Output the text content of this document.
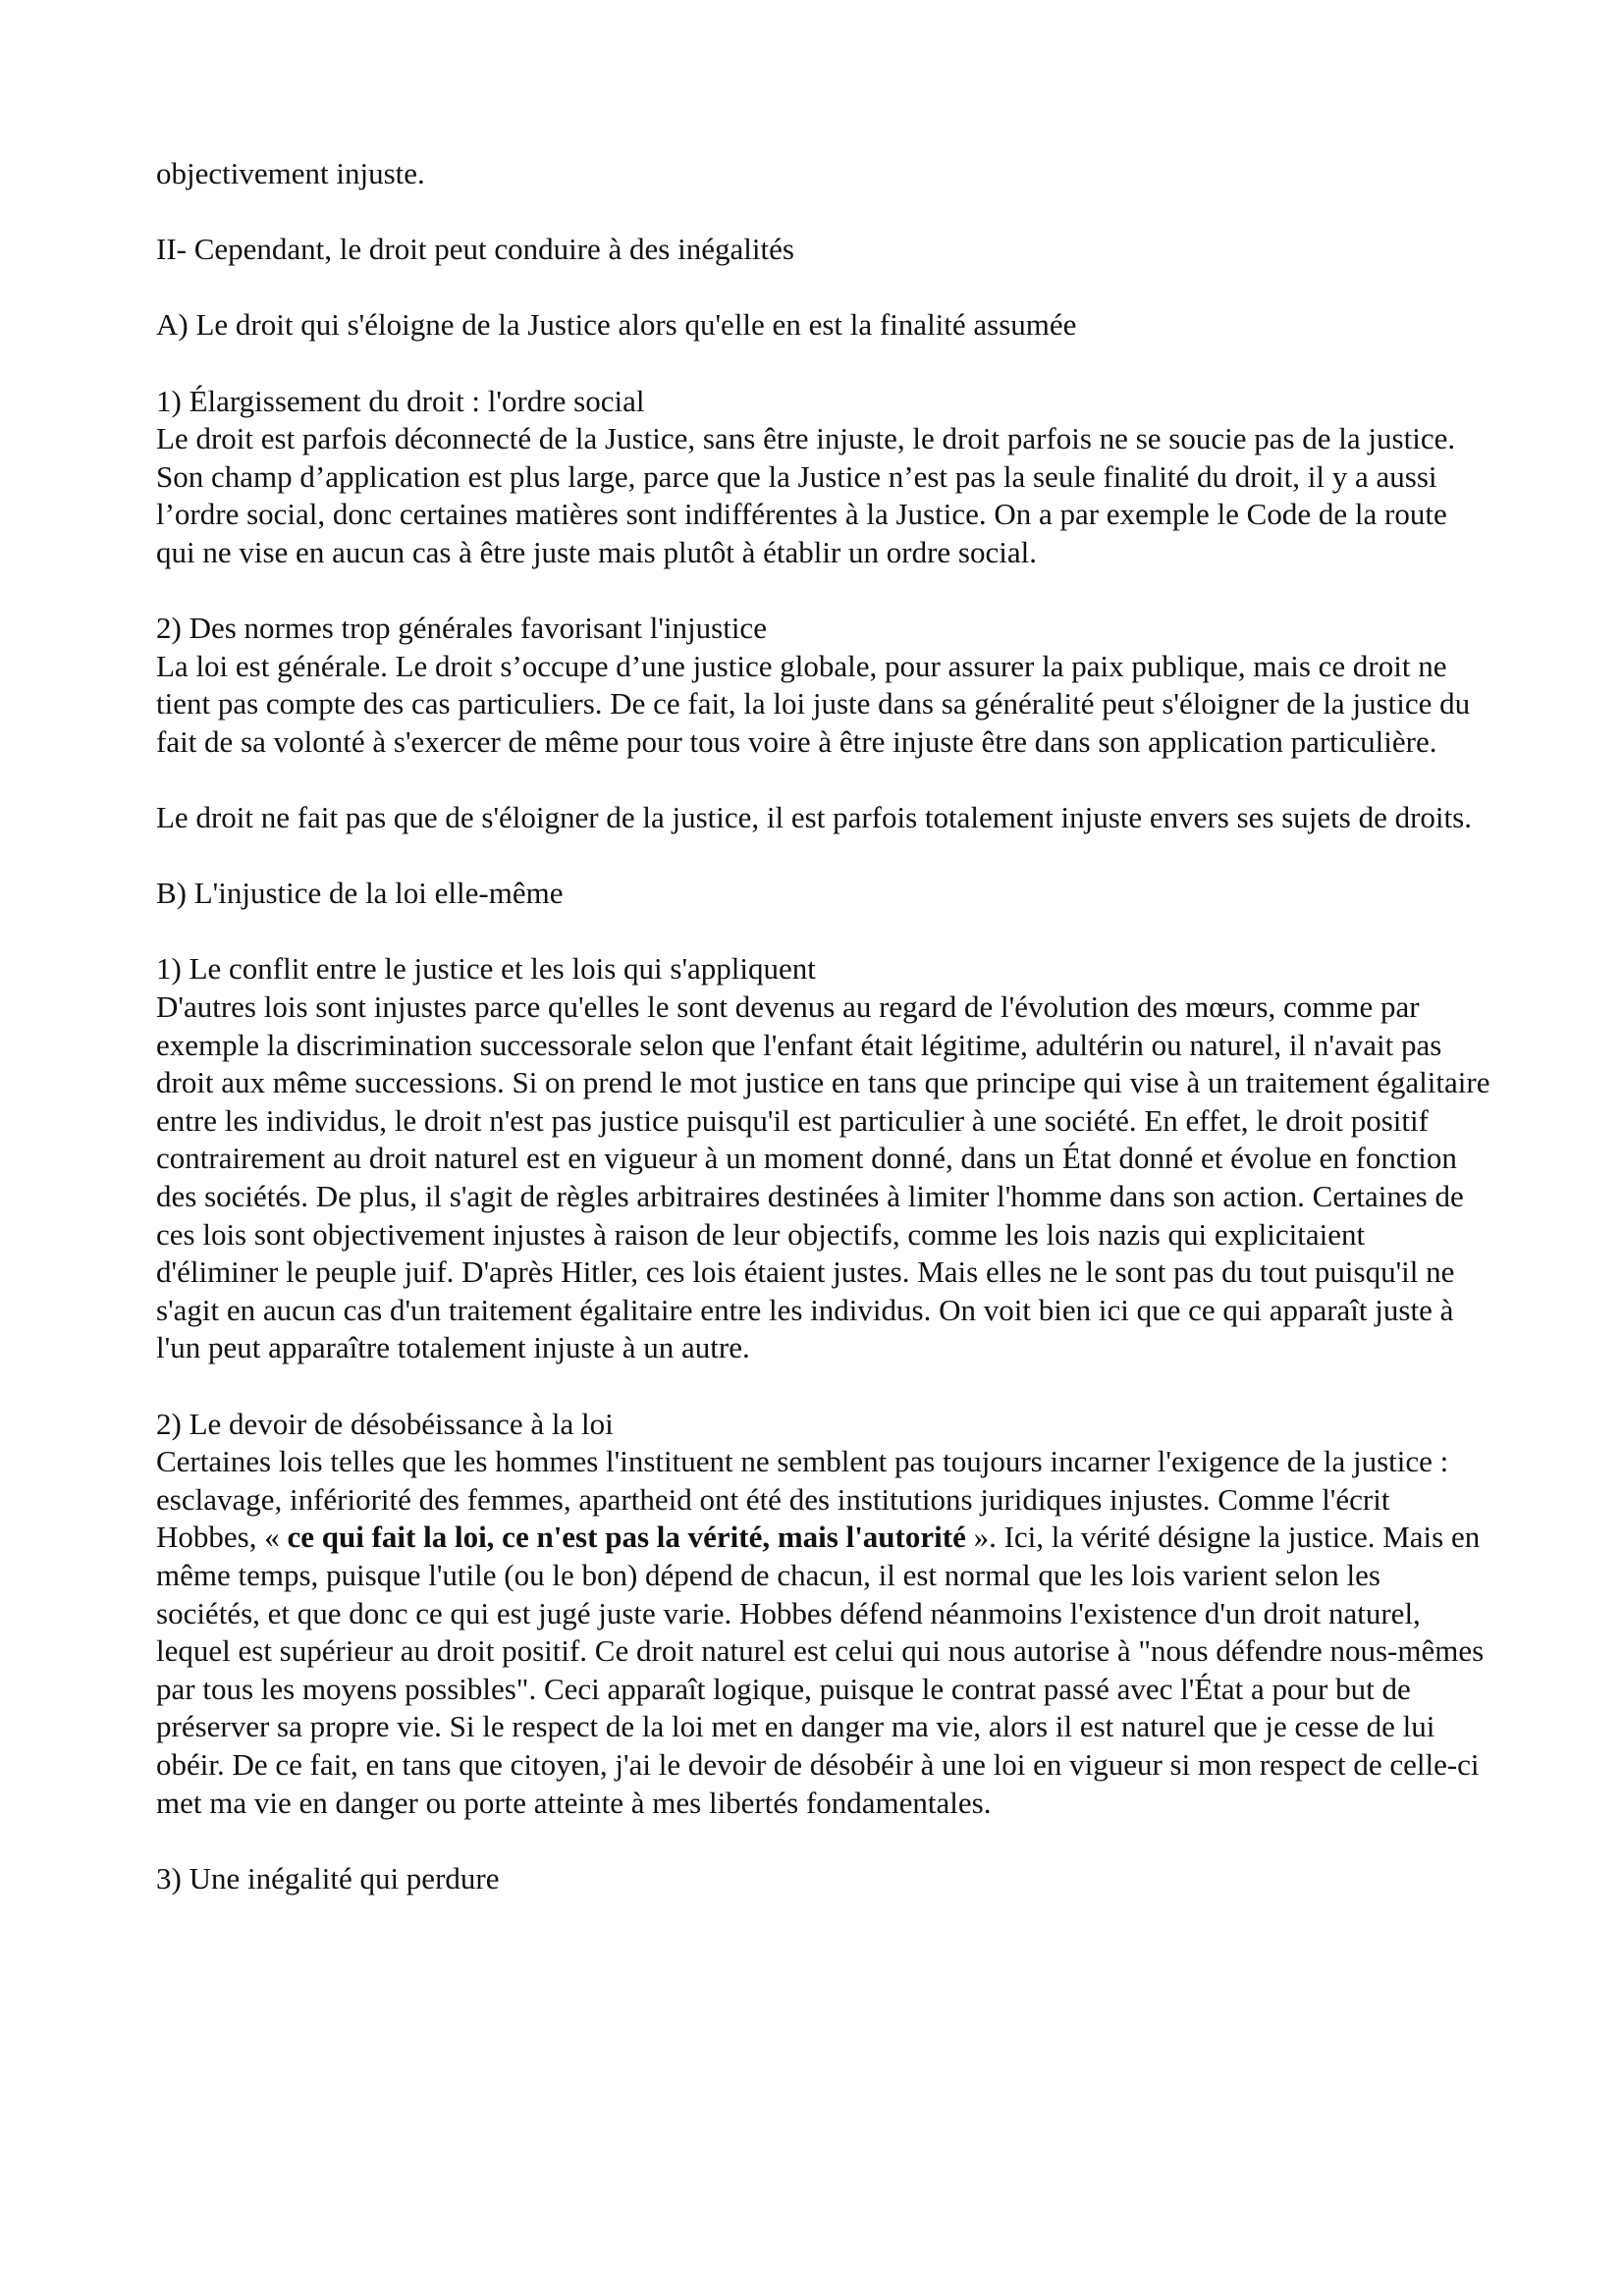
objectivement injuste.

II- Cependant, le droit peut conduire à des inégalités

A) Le droit qui s'éloigne de la Justice alors qu'elle en est la finalité assumée

1) Élargissement du droit : l'ordre social

Le droit est parfois déconnecté de la Justice, sans être injuste, le droit parfois ne se soucie pas de la justice. Son champ d’application est plus large, parce que la Justice n’est pas la seule finalité du droit, il y a aussi l’ordre social, donc certaines matières sont indifférentes à la Justice. On a par exemple le Code de la route qui ne vise en aucun cas à être juste mais plutôt à établir un ordre social.

2) Des normes trop générales favorisant l'injustice

La loi est générale. Le droit s’occupe d’une justice globale, pour assurer la paix publique, mais ce droit ne tient pas compte des cas particuliers. De ce fait, la loi juste dans sa généralité peut s'éloigner de la justice du fait de sa volonté à s'exercer de même pour tous voire à être injuste être dans son application particulière.

Le droit ne fait pas que de s'éloigner de la justice, il est parfois totalement injuste envers ses sujets de droits.

B) L'injustice de la loi elle-même

1) Le conflit entre le justice et les lois qui s'appliquent

D'autres lois sont injustes parce qu'elles le sont devenus au regard de l'évolution des mœurs, comme par exemple la discrimination successorale selon que l'enfant était légitime, adultérin ou naturel, il n'avait pas droit aux même successions. Si on prend le mot justice en tans que principe qui vise à un traitement égalitaire entre les individus, le droit n'est pas justice puisqu'il est particulier à une société. En effet, le droit positif contrairement au droit naturel est en vigueur à un moment donné, dans un État donné et évolue en fonction des sociétés. De plus, il s'agit de règles arbitraires destinées à limiter l'homme dans son action. Certaines de ces lois sont objectivement injustes à raison de leur objectifs, comme les lois nazis qui explicitaient d'éliminer le peuple juif. D'après Hitler, ces lois étaient justes. Mais elles ne le sont pas du tout puisqu'il ne s'agit en aucun cas d'un traitement égalitaire entre les individus. On voit bien ici que ce qui apparaît juste à l'un peut apparaître totalement injuste à un autre.

2) Le devoir de désobéissance à la loi

Certaines lois telles que les hommes l'instituent ne semblent pas toujours incarner l'exigence de la justice : esclavage, infériorité des femmes, apartheid ont été des institutions juridiques injustes. Comme l'écrit Hobbes, « ce qui fait la loi, ce n'est pas la vérité, mais l'autorité ». Ici, la vérité désigne la justice. Mais en même temps, puisque l'utile (ou le bon) dépend de chacun, il est normal que les lois varient selon les sociétés, et que donc ce qui est jugé juste varie. Hobbes défend néanmoins l'existence d'un droit naturel, lequel est supérieur au droit positif. Ce droit naturel est celui qui nous autorise à "nous défendre nous-mêmes par tous les moyens possibles". Ceci apparaît logique, puisque le contrat passé avec l'État a pour but de préserver sa propre vie. Si le respect de la loi met en danger ma vie, alors il est naturel que je cesse de lui obéir. De ce fait, en tans que citoyen, j'ai le devoir de désobéir à une loi en vigueur si mon respect de celle-ci met ma vie en danger ou porte atteinte à mes libertés fondamentales.

3) Une inégalité qui perdure
